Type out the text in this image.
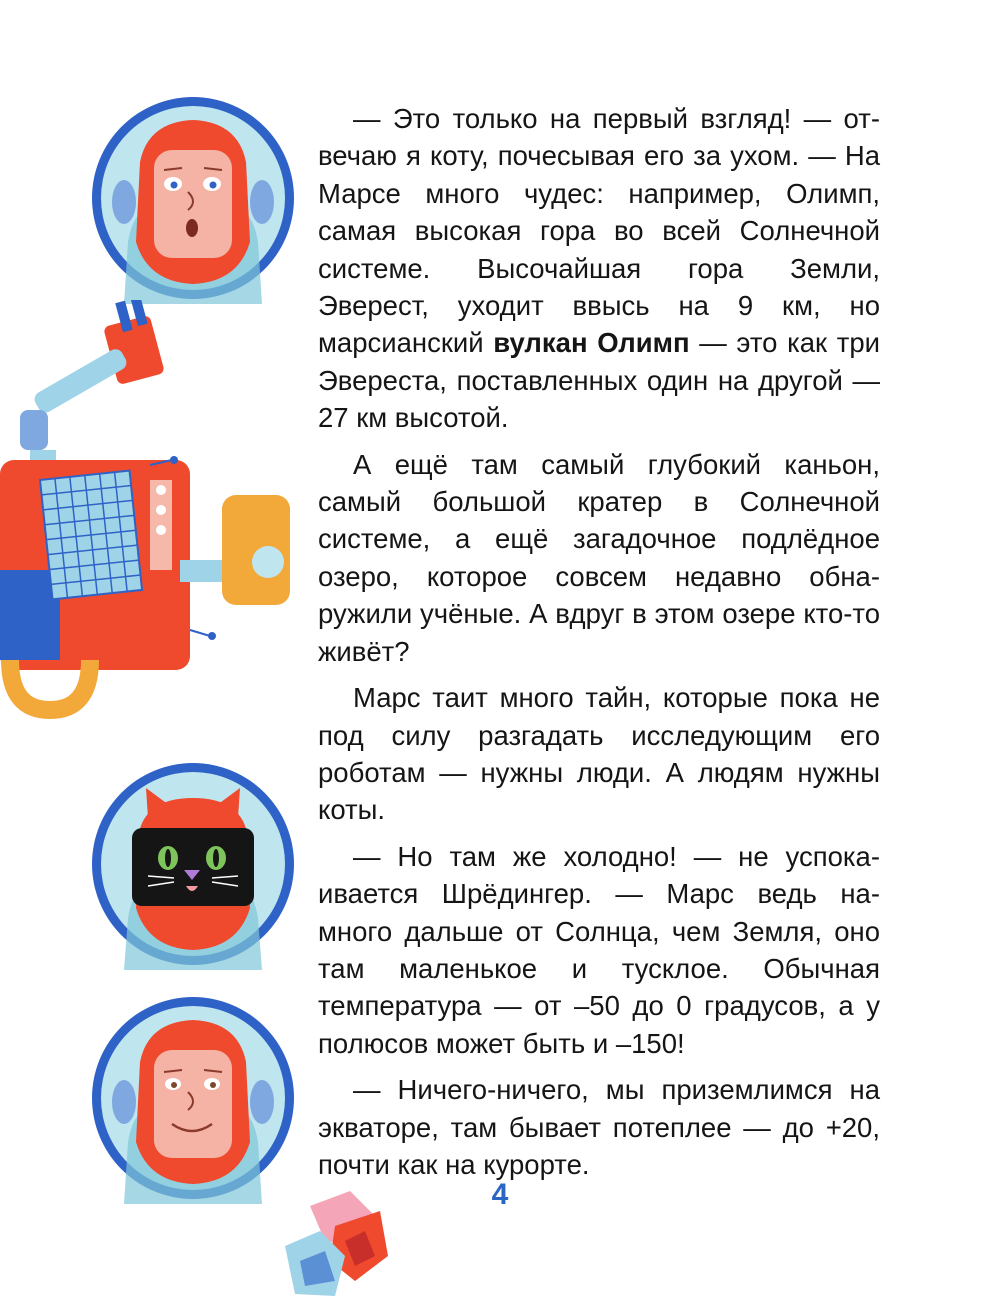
— Это только на первый взгляд! — от- вечаю я коту, почесывая его за ухом. — На Марсе много чудес: например, Олимп, самая высокая гора во всей Солнечной системе. Высочайшая гора Земли, Эверест, уходит ввысь на 9 км, но марсианский вулкан Олимп — это как три Эвереста, поставленных один на другой — 27 км высотой.

А ещё там самый глубокий каньон, самый большой кратер в Солнечной системе, а ещё загадочное подлёдное озеро, которое совсем недавно обна- ружили учёные. А вдруг в этом озере кто-то живёт?

Марс таит много тайн, которые пока не под силу разгадать исследующим его роботам — нужны люди. А людям нужны коты.

— Но там же холодно! — не успока- ивается Шрёдингер. — Марс ведь на- много дальше от Солнца, чем Земля, оно там маленькое и тусклое. Обычная температура — от –50 до 0 градусов, а у полюсов может быть и –150!

— Ничего-ничего, мы приземлимся на экваторе, там бывает потеплее — до +20, почти как на курорте.

4
